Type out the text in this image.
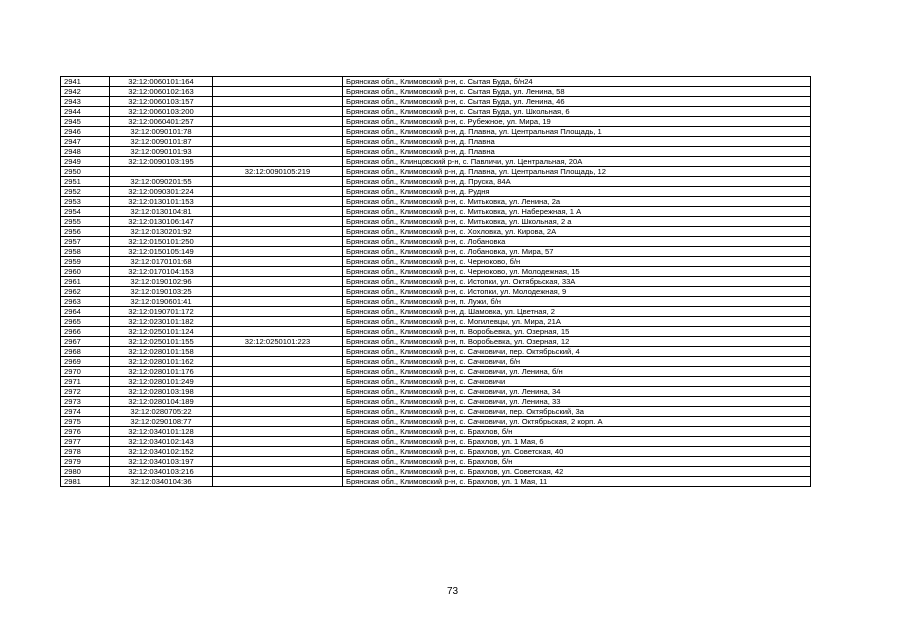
2941	32:12:0060101:164		Брянская обл., Климовский р-н, с. Сытая Буда, б/н24
2942	32:12:0060102:163		Брянская обл., Климовский р-н, с. Сытая Буда, ул. Ленина, 58
2943	32:12:0060103:157		Брянская обл., Климовский р-н, с. Сытая Буда, ул. Ленина, 46
2944	32:12:0060103:200		Брянская обл., Климовский р-н, с. Сытая Буда, ул. Школьная, 6
2945	32:12:0060401:257		Брянская обл., Климовский р-н, с. Рубежное, ул. Мира, 19
2946	32:12:0090101:78		Брянская обл., Климовский р-н, д. Плавна, ул. Центральная Площадь, 1
2947	32:12:0090101:87		Брянская обл., Климовский р-н, д. Плавна
2948	32:12:0090101:93		Брянская обл., Климовский р-н, д. Плавна
2949	32:12:0090103:195		Брянская обл., Клинцовский р-н, с. Павличи, ул. Центральная, 20А
2950		32:12:0090105:219	Брянская обл., Климовский р-н, д. Плавна, ул. Центральная Площадь, 12
2951	32:12:0090201:55		Брянская обл., Климовский р-н, д. Пруска, 84А
2952	32:12:0090301:224		Брянская обл., Климовский р-н, д. Рудня
2953	32:12:0130101:153		Брянская обл., Климовский р-н, с. Митьковка, ул. Ленина, 2а
2954	32:12:0130104:81		Брянская обл., Климовский р-н, с. Митьковка, ул. Набережная, 1 А
2955	32:12:0130106:147		Брянская обл., Климовский р-н, с. Митьковка, ул. Школьная, 2 а
2956	32:12:0130201:92		Брянская обл., Климовский р-н, с. Хохловка, ул. Кирова, 2А
2957	32:12:0150101:250		Брянская обл., Климовский р-н, с. Лобановка
2958	32:12:0150105:149		Брянская обл., Климовский р-н, с. Лобановка, ул. Мира, 57
2959	32:12:0170101:68		Брянская обл., Климовский р-н, с. Черноково, б/н
2960	32:12:0170104:153		Брянская обл., Климовский р-н, с. Черноково, ул. Молодежная, 15
2961	32:12:0190102:96		Брянская обл., Климовский р-н, с. Истопки, ул. Октябрьская, 33А
2962	32:12:0190103:25		Брянская обл., Климовский р-н, с. Истопки, ул. Молодежная, 9
2963	32:12:0190601:41		Брянская обл., Климовский р-н, п. Лужи, б/н
2964	32:12:0190701:172		Брянская обл., Климовский р-н, д. Шамовка, ул. Цветная, 2
2965	32:12:0230101:182		Брянская обл., Климовский р-н, с. Могилевцы, ул. Мира, 21А
2966	32:12:0250101:124		Брянская обл., Климовский р-н, п. Воробьевка, ул. Озерная, 15
2967	32:12:0250101:155	32:12:0250101:223	Брянская обл., Климовский р-н, п. Воробьевка, ул. Озерная, 12
2968	32:12:0280101:158		Брянская обл., Климовский р-н, с. Сачковичи, пер. Октябрьский, 4
2969	32:12:0280101:162		Брянская обл., Климовский р-н, с. Сачковичи, б/н
2970	32:12:0280101:176		Брянская обл., Климовский р-н, с. Сачковичи, ул. Ленина, б/н
2971	32:12:0280101:249		Брянская обл., Климовский р-н, с. Сачковичи
2972	32:12:0280103:198		Брянская обл., Климовский р-н, с. Сачковичи, ул. Ленина, 34
2973	32:12:0280104:189		Брянская обл., Климовский р-н, с. Сачковичи, ул. Ленина, 33
2974	32:12:0280705:22		Брянская обл., Климовский р-н, с. Сачковичи, пер. Октябрьский, 3а
2975	32:12:0290108:77		Брянская обл., Климовский р-н, с. Сачковичи, ул. Октябрьская, 2 корп. А
2976	32:12:0340101:128		Брянская обл., Климовский р-н, с. Брахлов, б/н
2977	32:12:0340102:143		Брянская обл., Климовский р-н, с. Брахлов, ул. 1 Мая, 6
2978	32:12:0340102:152		Брянская обл., Климовский р-н, с. Брахлов, ул. Советская, 40
2979	32:12:0340103:197		Брянская обл., Климовский р-н, с. Брахлов, б/н
2980	32:12:0340103:216		Брянская обл., Климовский р-н, с. Брахлов, ул. Советская, 42
2981	32:12:0340104:36		Брянская обл., Климовский р-н, с. Брахлов, ул. 1 Мая, 11
73
